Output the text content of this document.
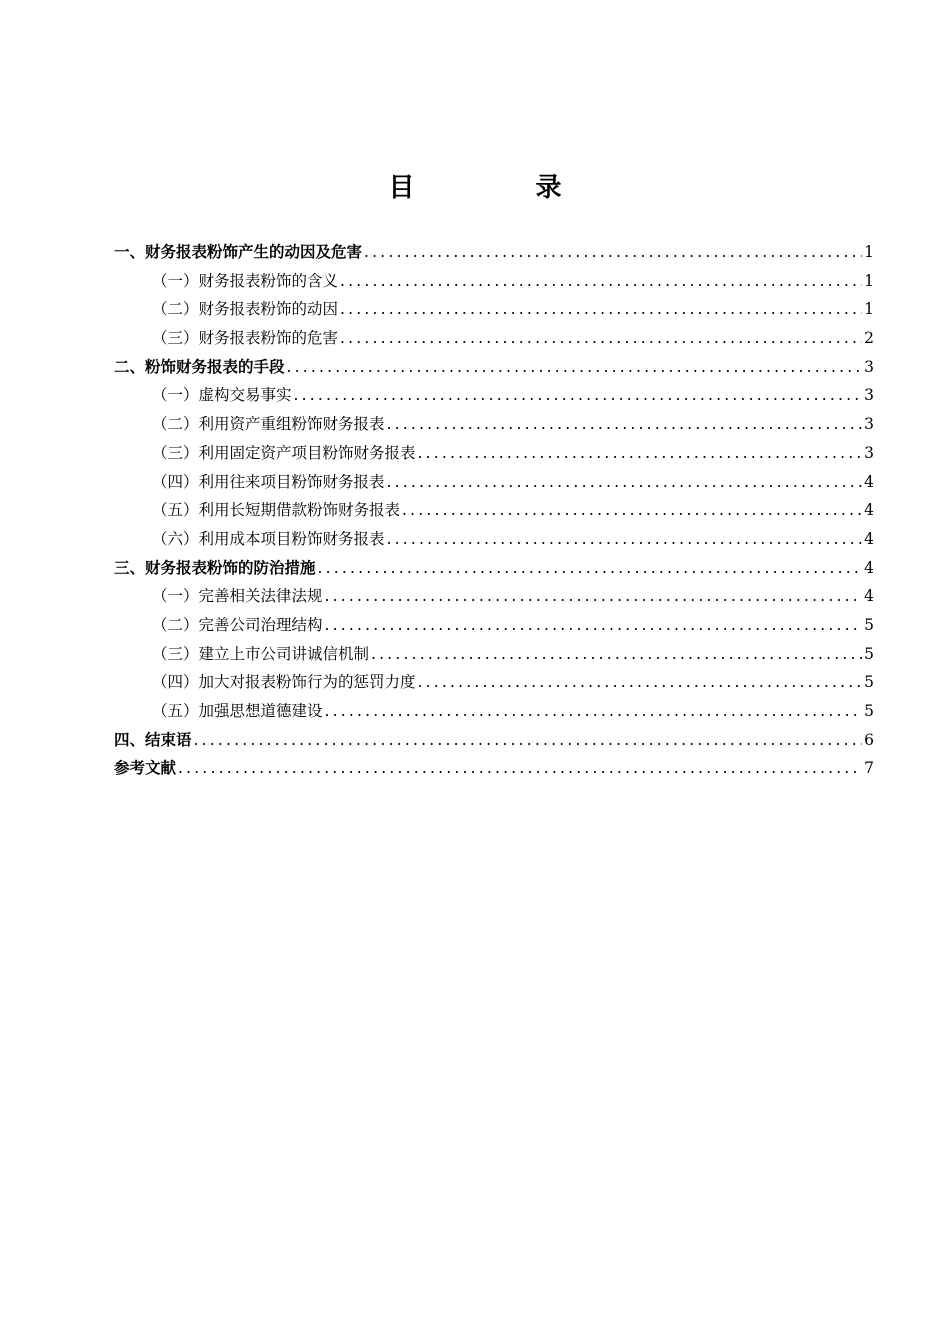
目 录
一、财务报表粉饰产生的动因及危害 .....	1
（一）财务报表粉饰的含义 .....	1
（二）财务报表粉饰的动因 .....	1
（三）财务报表粉饰的危害 .....	2
二、粉饰财务报表的手段 .....	3
（一）虚构交易事实 .....	3
（二）利用资产重组粉饰财务报表 .....	3
（三）利用固定资产项目粉饰财务报表 .....	3
（四）利用往来项目粉饰财务报表 .....	4
（五）利用长短期借款粉饰财务报表 .....	4
（六）利用成本项目粉饰财务报表 .....	4
三、财务报表粉饰的防治措施 .....	4
（一）完善相关法律法规 .....	4
（二）完善公司治理结构 .....	5
（三）建立上市公司讲诚信机制 .....	5
（四）加大对报表粉饰行为的惩罚力度 .....	5
（五）加强思想道德建设 .....	5
四、结束语 .....	6
参考文献 .....	7
